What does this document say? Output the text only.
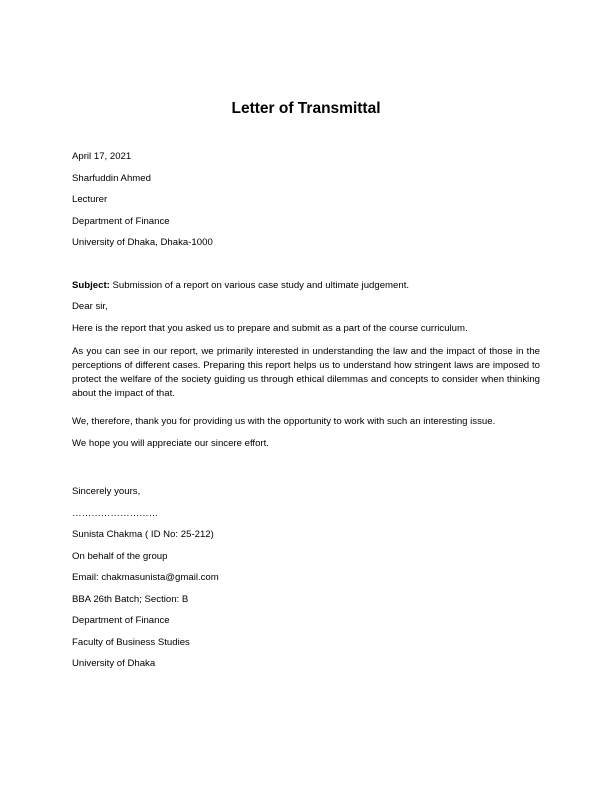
Letter of Transmittal

April 17, 2021

Sharfuddin Ahmed

Lecturer

Department of Finance

University of Dhaka, Dhaka-1000

Subject: Submission of a report on various case study and ultimate judgement.

Dear sir,

Here is the report that you asked us to prepare and submit as a part of the course curriculum.

As you can see in our report, we primarily interested in understanding the law and the impact of those in the perceptions of different cases. Preparing this report helps us to understand how stringent laws are imposed to protect the welfare of the society guiding us through ethical dilemmas and concepts to consider when thinking about the impact of that.

We, therefore, thank you for providing us with the opportunity to work with such an interesting issue.

We hope you will appreciate our sincere effort.

Sincerely yours,

………………………

Sunista Chakma ( ID No: 25-212)

On behalf of the group

Email: chakmasunista@gmail.com

BBA 26th Batch; Section: B

Department of Finance

Faculty of Business Studies

University of Dhaka
